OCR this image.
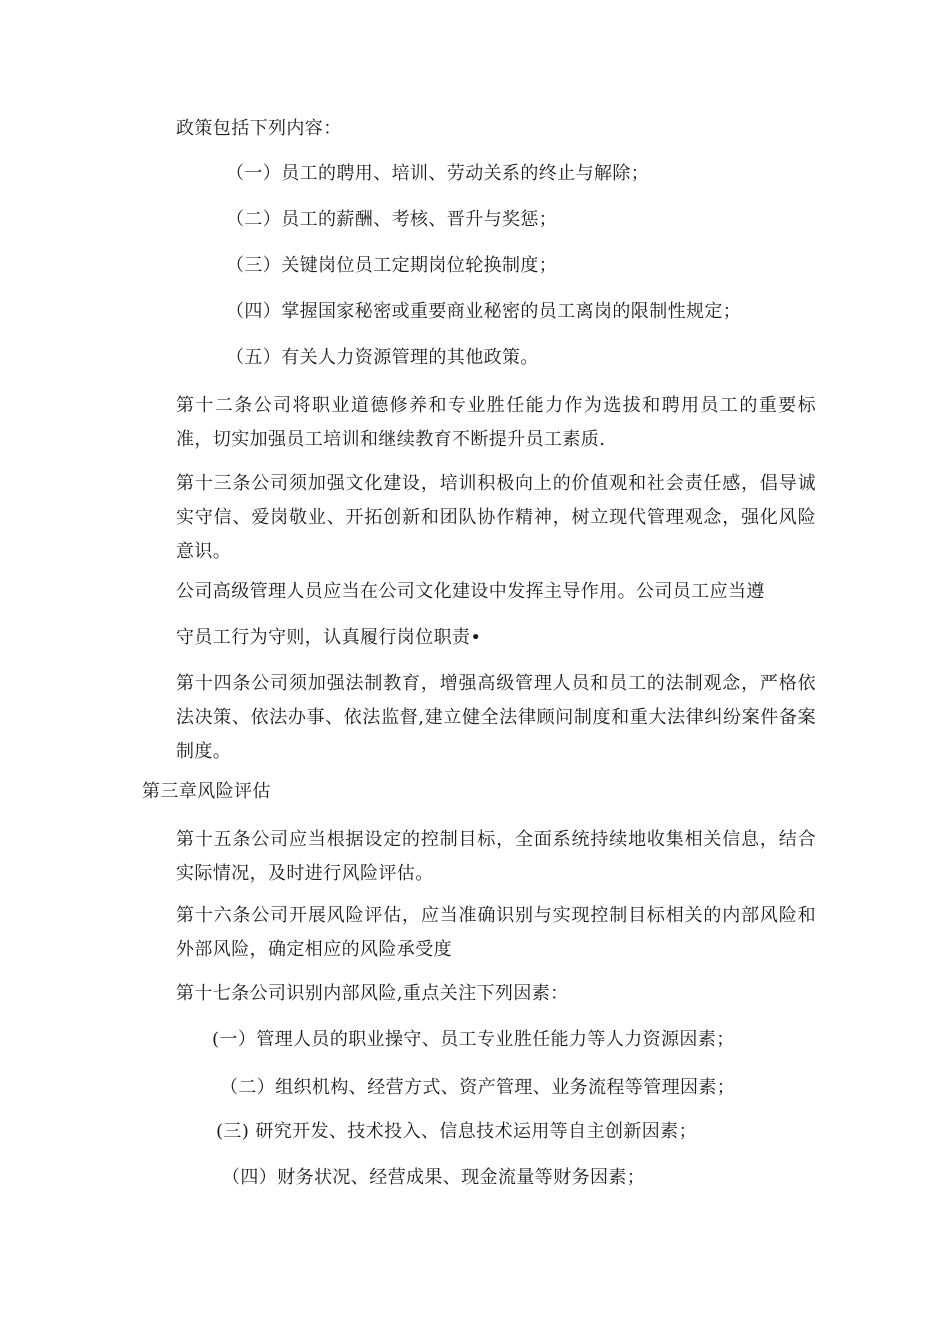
政策包括下列内容：
（一）员工的聘用、培训、劳动关系的终止与解除；
（二）员工的薪酬、考核、晋升与奖惩；
（三）关键岗位员工定期岗位轮换制度；
（四）掌握国家秘密或重要商业秘密的员工离岗的限制性规定；
（五）有关人力资源管理的其他政策。
第十二条公司将职业道德修养和专业胜任能力作为选拔和聘用员工的重要标准，切实加强员工培训和继续教育不断提升员工素质.
第十三条公司须加强文化建设，培训积极向上的价值观和社会责任感，倡导诚实守信、爱岗敬业、开拓创新和团队协作精神，树立现代管理观念，强化风险意识。
公司高级管理人员应当在公司文化建设中发挥主导作用。公司员工应当遵
守员工行为守则，认真履行岗位职责•
第十四条公司须加强法制教育，增强高级管理人员和员工的法制观念，严格依法决策、依法办事、依法监督,建立健全法律顾问制度和重大法律纠纷案件备案制度。
第三章风险评估
第十五条公司应当根据设定的控制目标，全面系统持续地收集相关信息，结合实际情况，及时进行风险评估。
第十六条公司开展风险评估，应当准确识别与实现控制目标相关的内部风险和外部风险，确定相应的风险承受度
第十七条公司识别内部风险,重点关注下列因素：
(一）管理人员的职业操守、员工专业胜任能力等人力资源因素；
（二）组织机构、经营方式、资产管理、业务流程等管理因素；
(三) 研究开发、技术投入、信息技术运用等自主创新因素；
（四）财务状况、经营成果、现金流量等财务因素；
